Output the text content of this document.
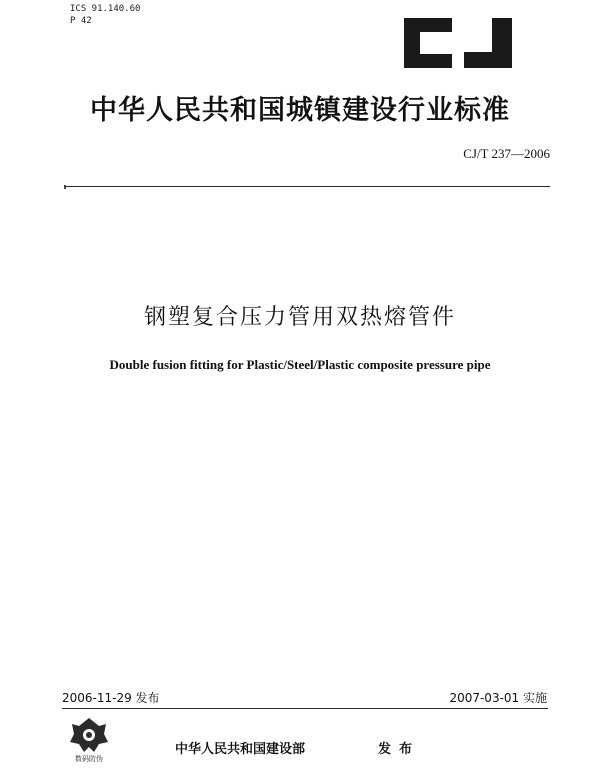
ICS 91.140.60
P 42
中华人民共和国城镇建设行业标准
CJ/T 237—2006
钢塑复合压力管用双热熔管件
Double fusion fitting for Plastic/Steel/Plastic composite pressure pipe
2006-11-29 发布	2007-03-01 实施
数码防伪
中华人民共和国建设部	发布
